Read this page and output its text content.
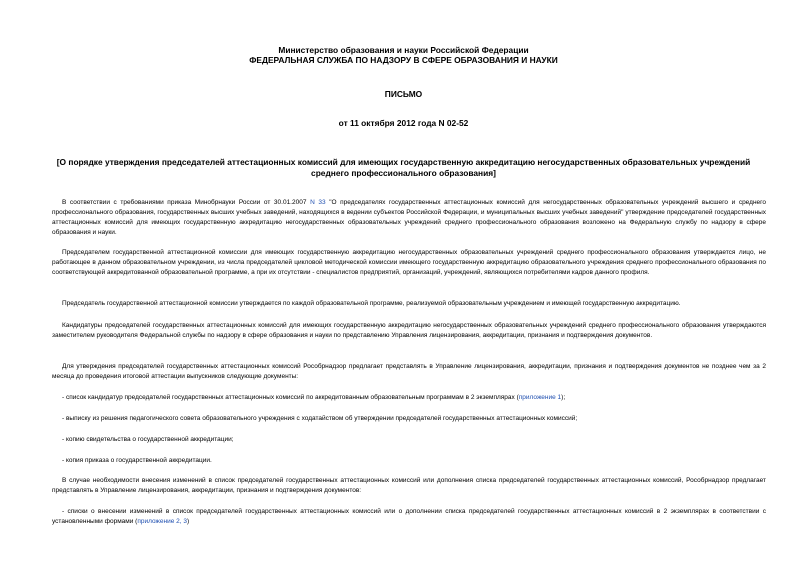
Министерство образования и науки Российской Федерации
ФЕДЕРАЛЬНАЯ СЛУЖБА ПО НАДЗОРУ В СФЕРЕ ОБРАЗОВАНИЯ И НАУКИ
ПИСЬМО
от 11 октября 2012 года N 02-52
[О порядке утверждения председателей аттестационных комиссий для имеющих государственную аккредитацию негосударственных образовательных учреждений среднего профессионального образования]
В соответствии с требованиями приказа Минобрнауки России от 30.01.2007 N 33 "О председателях государственных аттестационных комиссий для негосударственных образовательных учреждений высшего и среднего профессионального образования, государственных высших учебных заведений, находящихся в ведении субъектов Российской Федерации, и муниципальных высших учебных заведений" утверждение председателей государственных аттестационных комиссий для имеющих государственную аккредитацию негосударственных образовательных учреждений среднего профессионального образования возложено на Федеральную службу по надзору в сфере образования и науки.
Председателем государственной аттестационной комиссии для имеющих государственную аккредитацию негосударственных образовательных учреждений среднего профессионального образования утверждается лицо, не работающее в данном образовательном учреждении, из числа председателей цикловой методической комиссии имеющего государственную аккредитацию образовательного учреждения среднего профессионального образования по соответствующей аккредитованной образовательной программе, а при их отсутствии - специалистов предприятий, организаций, учреждений, являющихся потребителями кадров данного профиля.
Председатель государственной аттестационной комиссии утверждается по каждой образовательной программе, реализуемой образовательным учреждением и имеющей государственную аккредитацию.
Кандидатуры председателей государственных аттестационных комиссий для имеющих государственную аккредитацию негосударственных образовательных учреждений среднего профессионального образования утверждаются заместителем руководителя Федеральной службы по надзору в сфере образования и науки по представлению Управления лицензирования, аккредитации, признания и подтверждения документов.
Для утверждения председателей государственных аттестационных комиссий Рособрнадзор предлагает представлять в Управление лицензирования, аккредитации, признания и подтверждения документов не позднее чем за 2 месяца до проведения итоговой аттестации выпускников следующие документы:
- список кандидатур председателей государственных аттестационных комиссий по аккредитованным образовательным программам в 2 экземплярах (приложение 1);
- выписку из решения педагогического совета образовательного учреждения с ходатайством об утверждении председателей государственных аттестационных комиссий;
- копию свидетельства о государственной аккредитации;
- копия приказа о государственной аккредитации.
В случае необходимости внесения изменений в список председателей государственных аттестационных комиссий или дополнения списка председателей государственных аттестационных комиссий, Рособрнадзор предлагает представлять в Управление лицензирования, аккредитации, признания и подтверждения документов:
- списки о внесении изменений в список председателей государственных аттестационных комиссий или о дополнении списка председателей государственных аттестационных комиссий в 2 экземплярах в соответствии с установленными формами (приложение 2, 3)
